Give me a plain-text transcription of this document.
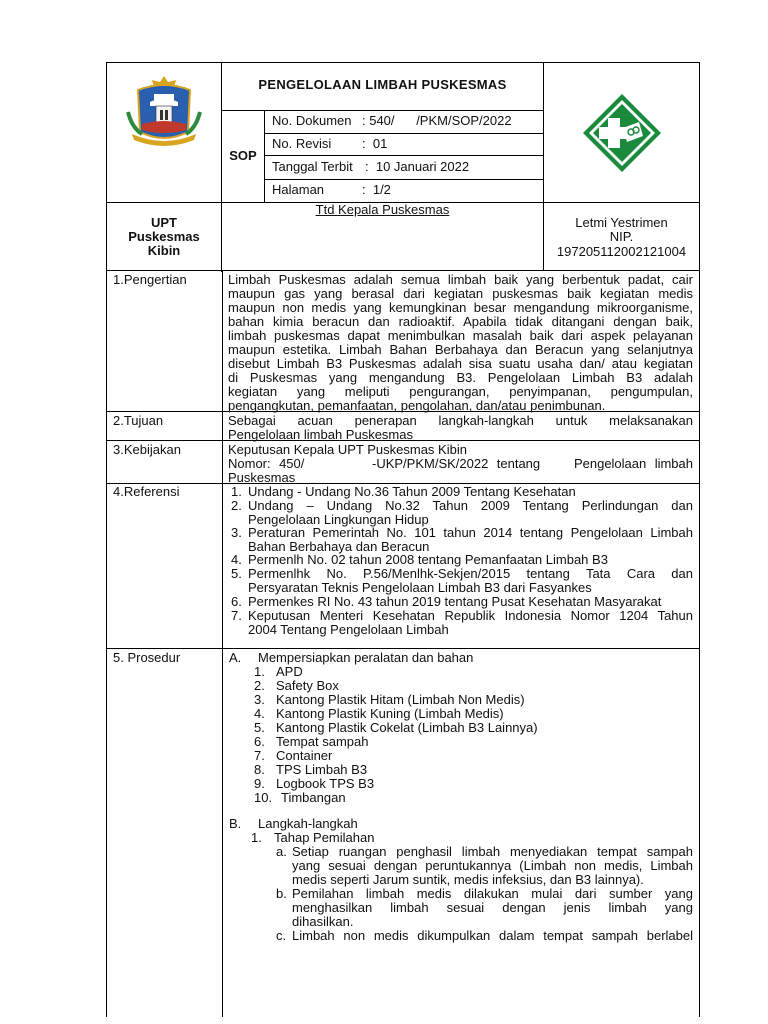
PENGELOLAAN LIMBAH PUSKESMAS
SOP
No. Dokumen : 540/      /PKM/SOP/2022
No. Revisi :  01
Tanggal Terbit :  10 Januari 2022
Halaman	:  1/2
UPT
Puskesmas
Kibin
Ttd Kepala Puskesmas
Letmi Yestrimen
NIP.
197205112002121004
1.Pengertian	Limbah Puskesmas adalah semua limbah baik yang berbentuk padat, cair
maupun gas yang berasal dari kegiatan puskesmas baik kegiatan medis
maupun non medis yang kemungkinan besar mengandung mikroorganisme,
bahan kimia beracun dan radioaktif. Apabila tidak ditangani dengan baik,
limbah puskesmas dapat menimbulkan masalah baik dari aspek pelayanan
maupun estetika. Limbah Bahan Berbahaya dan Beracun yang selanjutnya
disebut Limbah B3 Puskesmas adalah sisa suatu usaha dan/ atau kegiatan
di Puskesmas yang mengandung B3. Pengelolaan Limbah B3 adalah
kegiatan yang meliputi pengurangan, penyimpanan, pengumpulan,
pengangkutan, pemanfaatan, pengolahan, dan/atau penimbunan.
2.Tujuan	Sebagai acuan penerapan langkah-langkah untuk melaksanakan
Pengelolaan limbah Puskesmas
3.Kebijakan	Keputusan Kepala UPT Puskesmas Kibin
Nomor: 450/        -UKP/PKM/SK/2022 tentang    Pengelolaan limbah
Puskesmas
4.Referensi	1. Undang - Undang No.36 Tahun 2009 Tentang Kesehatan
2. Undang – Undang No.32 Tahun 2009 Tentang Perlindungan dan
Pengelolaan Lingkungan Hidup
3. Peraturan Pemerintah No. 101 tahun 2014 tentang Pengelolaan Limbah
Bahan Berbahaya dan Beracun
4. Permenlh No. 02 tahun 2008 tentang Pemanfaatan Limbah B3
5. Permenlhk No. P.56/Menlhk-Sekjen/2015 tentang Tata Cara dan
Persyaratan Teknis Pengelolaan Limbah B3 dari Fasyankes
6. Permenkes RI No. 43 tahun 2019 tentang Pusat Kesehatan Masyarakat
7. Keputusan Menteri Kesehatan Republik Indonesia Nomor 1204 Tahun
2004 Tentang Pengelolaan Limbah
5. Prosedur	A. Mempersiapkan peralatan dan bahan
1. APD
2. Safety Box
3. Kantong Plastik Hitam (Limbah Non Medis)
4. Kantong Plastik Kuning (Limbah Medis)
5. Kantong Plastik Cokelat (Limbah B3 Lainnya)
6. Tempat sampah
7. Container
8. TPS Limbah B3
9. Logbook TPS B3
10. Timbangan
B. Langkah-langkah
1. Tahap Pemilahan
a. Setiap ruangan penghasil limbah menyediakan tempat sampah
yang sesuai dengan peruntukannya (Limbah non medis, Limbah
medis seperti Jarum suntik, medis infeksius, dan B3 lainnya).
b. Pemilahan limbah medis dilakukan mulai dari sumber yang
menghasilkan limbah sesuai dengan jenis limbah yang
dihasilkan.
c. Limbah non medis dikumpulkan dalam tempat sampah berlabel
